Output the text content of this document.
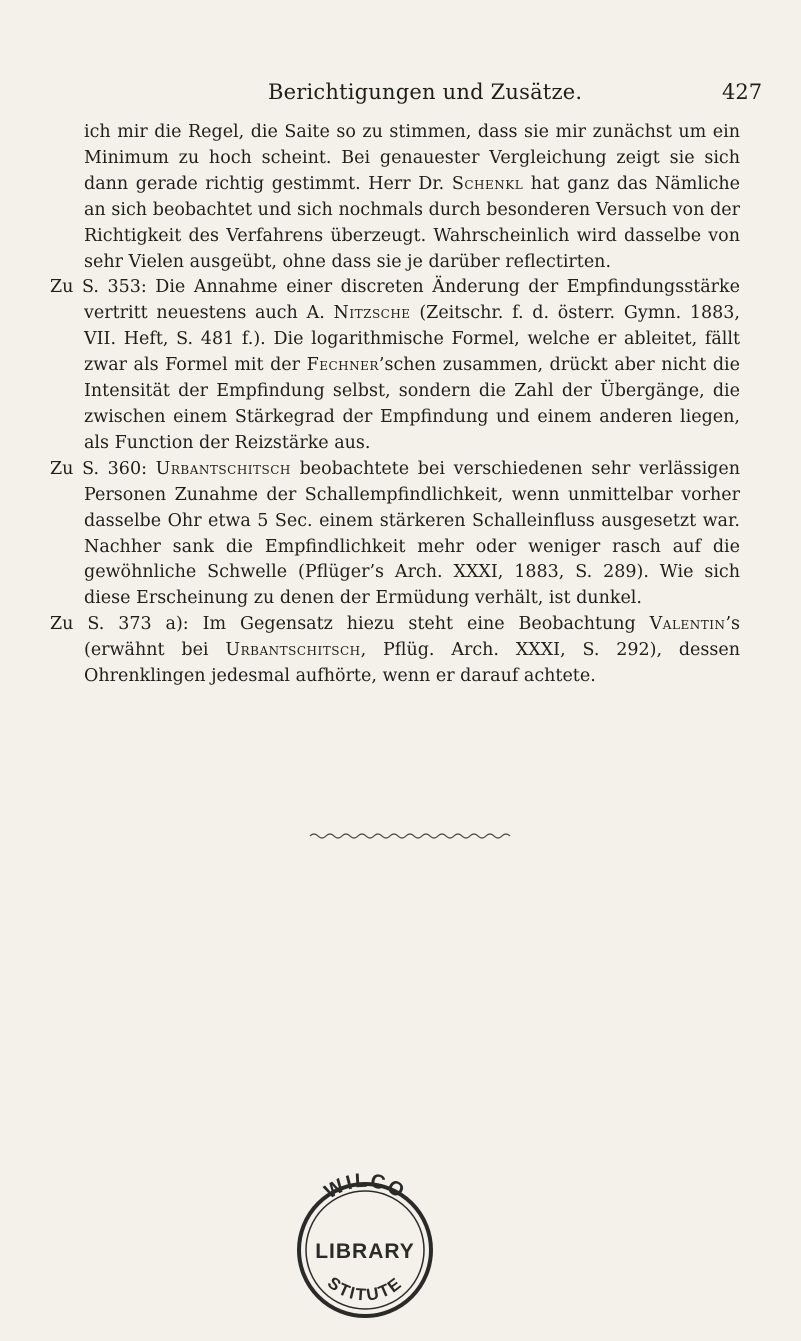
Berichtigungen und Zusätze.	427

ich mir die Regel, die Saite so zu stimmen, dass sie mir zunächst um ein Minimum zu hoch scheint. Bei genauester Vergleichung zeigt sie sich dann gerade richtig gestimmt. Herr Dr. Schenkl hat ganz das Nämliche an sich beobachtet und sich nochmals durch besonderen Versuch von der Richtigkeit des Verfahrens überzeugt. Wahrscheinlich wird dasselbe von sehr Vielen ausgeübt, ohne dass sie je darüber reflectirten.

Zu S. 353: Die Annahme einer discreten Änderung der Empfindungsstärke vertritt neuestens auch A. Nitzsche (Zeitschr. f. d. österr. Gymn. 1883, VII. Heft, S. 481 f.). Die logarithmische Formel, welche er ableitet, fällt zwar als Formel mit der Fechner’schen zusammen, drückt aber nicht die Intensität der Empfindung selbst, sondern die Zahl der Übergänge, die zwischen einem Stärkegrad der Empfindung und einem anderen liegen, als Function der Reizstärke aus.

Zu S. 360: Urbantschitsch beobachtete bei verschiedenen sehr verlässigen Personen Zunahme der Schallempfindlichkeit, wenn unmittelbar vorher dasselbe Ohr etwa 5 Sec. einem stärkeren Schalleinfluss ausgesetzt war. Nachher sank die Empfindlichkeit mehr oder weniger rasch auf die gewöhnliche Schwelle (Pflüger’s Arch. XXXI, 1883, S. 289). Wie sich diese Erscheinung zu denen der Ermüdung verhält, ist dunkel.

Zu S. 373 a): Im Gegensatz hiezu steht eine Beobachtung Valentin’s (erwähnt bei Urbantschitsch, Pflüg. Arch. XXXI, S. 292), dessen Ohrenklingen jedesmal aufhörte, wenn er darauf achtete.

WILCO
LIBRARY
STITUTE
